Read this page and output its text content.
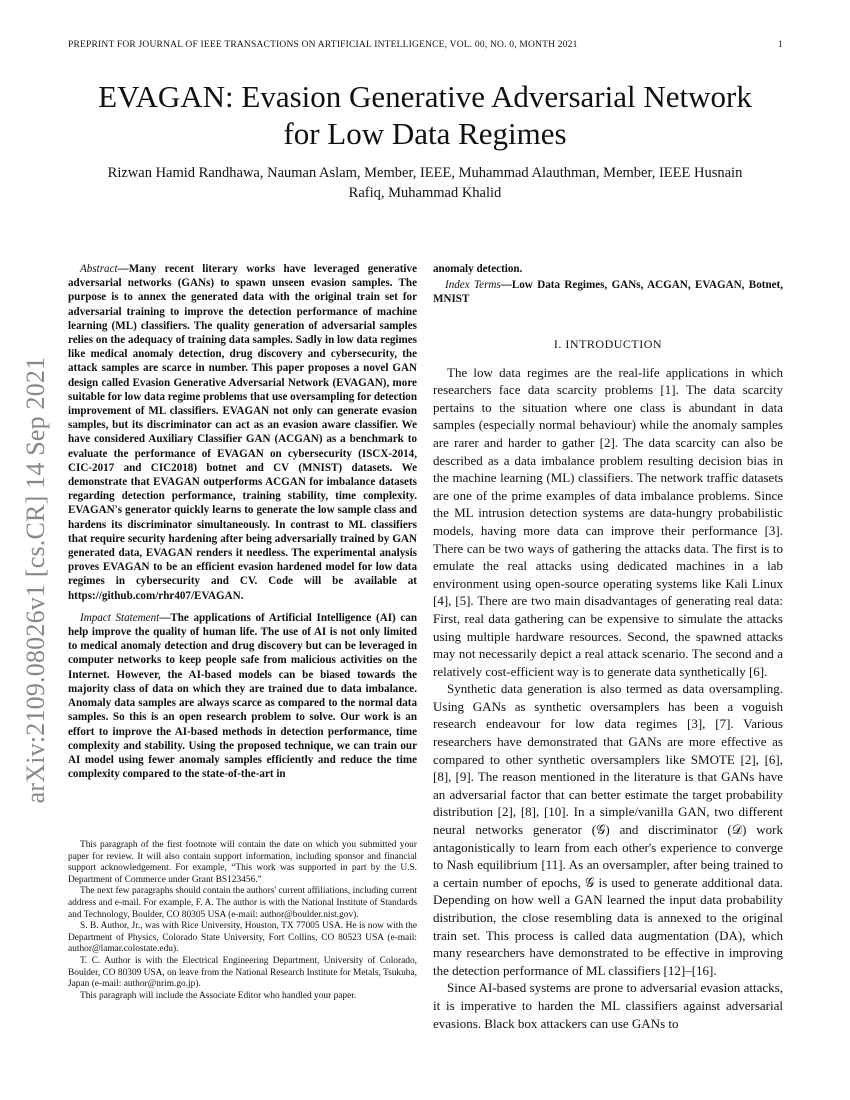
PREPRINT FOR JOURNAL OF IEEE TRANSACTIONS ON ARTIFICIAL INTELLIGENCE, VOL. 00, NO. 0, MONTH 2021	1
EVAGAN: Evasion Generative Adversarial Network
for Low Data Regimes
Rizwan Hamid Randhawa, Nauman Aslam, Member, IEEE, Muhammad Alauthman, Member, IEEE Husnain
Rafiq, Muhammad Khalid
arXiv:2109.08026v1 [cs.CR] 14 Sep 2021

Abstract—Many recent literary works have leveraged generative adversarial networks (GANs) to spawn unseen evasion samples. The purpose is to annex the generated data with the original train set for adversarial training to improve the detection performance of machine learning (ML) classifiers. The quality generation of adversarial samples relies on the adequacy of training data samples. Sadly in low data regimes like medical anomaly detection, drug discovery and cybersecurity, the attack samples are scarce in number. This paper proposes a novel GAN design called Evasion Generative Adversarial Network (EVAGAN), more suitable for low data regime problems that use oversampling for detection improvement of ML classifiers. EVAGAN not only can generate evasion samples, but its discriminator can act as an evasion aware classifier. We have considered Auxiliary Classifier GAN (ACGAN) as a benchmark to evaluate the performance of EVAGAN on cybersecurity (ISCX-2014, CIC-2017 and CIC2018) botnet and CV (MNIST) datasets. We demonstrate that EVAGAN outperforms ACGAN for imbalance datasets regarding detection performance, training stability, time complexity. EVAGAN's generator quickly learns to generate the low sample class and hardens its discriminator simultaneously. In contrast to ML classifiers that require security hardening after being adversarially trained by GAN generated data, EVAGAN renders it needless. The experimental analysis proves EVAGAN to be an efficient evasion hardened model for low data regimes in cybersecurity and CV. Code will be available at https://github.com/rhr407/EVAGAN.

Impact Statement—The applications of Artificial Intelligence (AI) can help improve the quality of human life. The use of AI is not only limited to medical anomaly detection and drug discovery but can be leveraged in computer networks to keep people safe from malicious activities on the Internet. However, the AI-based models can be biased towards the majority class of data on which they are trained due to data imbalance. Anomaly data samples are always scarce as compared to the normal data samples. So this is an open research problem to solve. Our work is an effort to improve the AI-based methods in detection performance, time complexity and stability. Using the proposed technique, we can train our AI model using fewer anomaly samples efficiently and reduce the time complexity compared to the state-of-the-art in

This paragraph of the first footnote will contain the date on which you submitted your paper for review. It will also contain support information, including sponsor and financial support acknowledgement. For example, “This work was supported in part by the U.S. Department of Commerce under Grant BS123456.”

The next few paragraphs should contain the authors' current affiliations, including current address and e-mail. For example, F. A. The author is with the National Institute of Standards and Technology, Boulder, CO 80305 USA (e-mail: author@boulder.nist.gov).

S. B. Author, Jr., was with Rice University, Houston, TX 77005 USA. He is now with the Department of Physics, Colorado State University, Fort Collins, CO 80523 USA (e-mail: author@lamar.colostate.edu).

T. C. Author is with the Electrical Engineering Department, University of Colorado, Boulder, CO 80309 USA, on leave from the National Research Institute for Metals, Tsukuba, Japan (e-mail: author@nrim.go.jp).

This paragraph will include the Associate Editor who handled your paper.

anomaly detection.

Index Terms—Low Data Regimes, GANs, ACGAN, EVAGAN, Botnet, MNIST

I. INTRODUCTION

The low data regimes are the real-life applications in which researchers face data scarcity problems [1]. The data scarcity pertains to the situation where one class is abundant in data samples (especially normal behaviour) while the anomaly samples are rarer and harder to gather [2]. The data scarcity can also be described as a data imbalance problem resulting decision bias in the machine learning (ML) classifiers. The network traffic datasets are one of the prime examples of data imbalance problems. Since the ML intrusion detection systems are data-hungry probabilistic models, having more data can improve their performance [3]. There can be two ways of gathering the attacks data. The first is to emulate the real attacks using dedicated machines in a lab environment using open-source operating systems like Kali Linux [4], [5]. There are two main disadvantages of generating real data: First, real data gathering can be expensive to simulate the attacks using multiple hardware resources. Second, the spawned attacks may not necessarily depict a real attack scenario. The second and a relatively cost-efficient way is to generate data synthetically [6].

Synthetic data generation is also termed as data oversampling. Using GANs as synthetic oversamplers has been a voguish research endeavour for low data regimes [3], [7]. Various researchers have demonstrated that GANs are more effective as compared to other synthetic oversamplers like SMOTE [2], [6], [8], [9]. The reason mentioned in the literature is that GANs have an adversarial factor that can better estimate the target probability distribution [2], [8], [10]. In a simple/vanilla GAN, two different neural networks generator (𝒢) and discriminator (𝒟) work antagonistically to learn from each other's experience to converge to Nash equilibrium [11]. As an oversampler, after being trained to a certain number of epochs, 𝒢 is used to generate additional data. Depending on how well a GAN learned the input data probability distribution, the close resembling data is annexed to the original train set. This process is called data augmentation (DA), which many researchers have demonstrated to be effective in improving the detection performance of ML classifiers [12]–[16].

Since AI-based systems are prone to adversarial evasion attacks, it is imperative to harden the ML classifiers against adversarial evasions. Black box attackers can use GANs to
